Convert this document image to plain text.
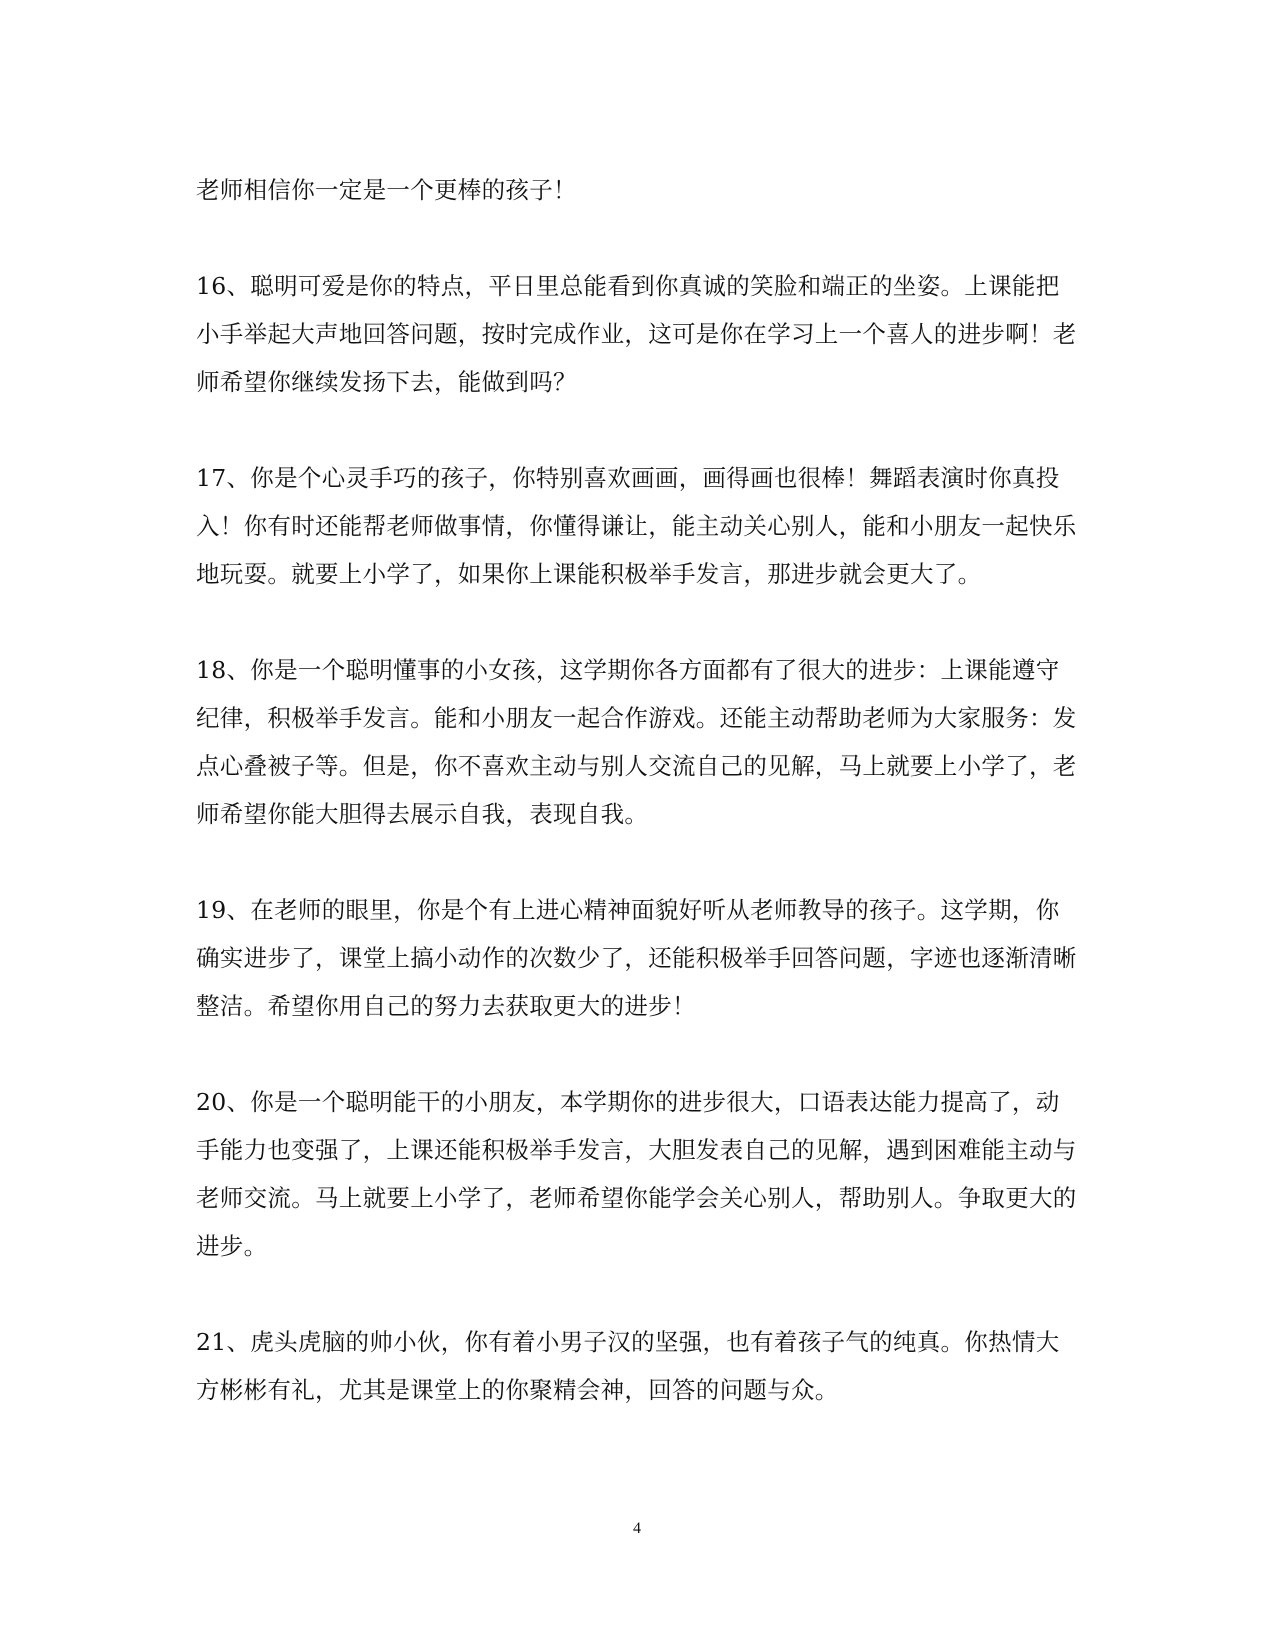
老师相信你一定是一个更棒的孩子！

16、聪明可爱是你的特点，平日里总能看到你真诚的笑脸和端正的坐姿。上课能把小手举起大声地回答问题，按时完成作业，这可是你在学习上一个喜人的进步啊！老师希望你继续发扬下去，能做到吗？

17、你是个心灵手巧的孩子，你特别喜欢画画，画得画也很棒！舞蹈表演时你真投入！你有时还能帮老师做事情，你懂得谦让，能主动关心别人，能和小朋友一起快乐地玩耍。就要上小学了，如果你上课能积极举手发言，那进步就会更大了。

18、你是一个聪明懂事的小女孩，这学期你各方面都有了很大的进步：上课能遵守纪律，积极举手发言。能和小朋友一起合作游戏。还能主动帮助老师为大家服务：发点心叠被子等。但是，你不喜欢主动与别人交流自己的见解，马上就要上小学了，老师希望你能大胆得去展示自我，表现自我。

19、在老师的眼里，你是个有上进心精神面貌好听从老师教导的孩子。这学期，你确实进步了，课堂上搞小动作的次数少了，还能积极举手回答问题，字迹也逐渐清晰整洁。希望你用自己的努力去获取更大的进步！

20、你是一个聪明能干的小朋友，本学期你的进步很大，口语表达能力提高了，动手能力也变强了，上课还能积极举手发言，大胆发表自己的见解，遇到困难能主动与老师交流。马上就要上小学了，老师希望你能学会关心别人，帮助别人。争取更大的进步。

21、虎头虎脑的帅小伙，你有着小男子汉的坚强，也有着孩子气的纯真。你热情大方彬彬有礼，尤其是课堂上的你聚精会神，回答的问题与众。

4
